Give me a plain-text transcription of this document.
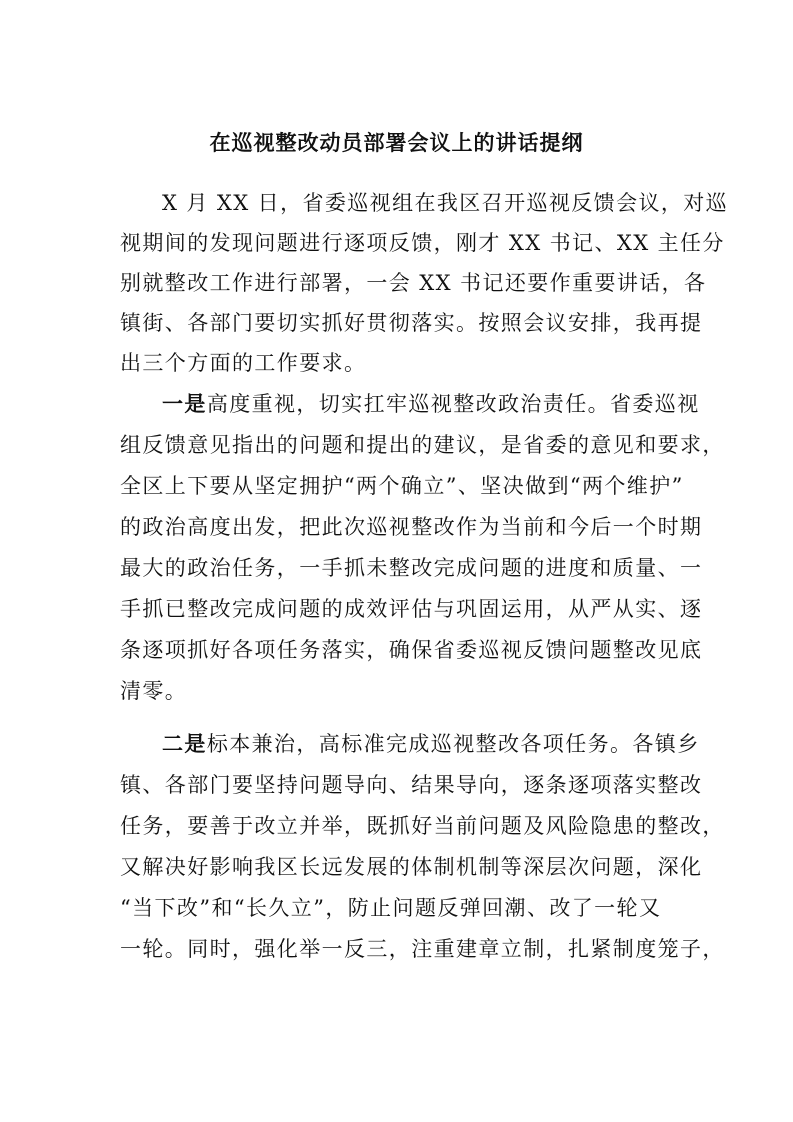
在巡视整改动员部署会议上的讲话提纲
X 月 XX 日，省委巡视组在我区召开巡视反馈会议，对巡
视期间的发现问题进行逐项反馈，刚才 XX 书记、XX 主任分
别就整改工作进行部署，一会 XX 书记还要作重要讲话，各
镇街、各部门要切实抓好贯彻落实。按照会议安排，我再提
出三个方面的工作要求。
一是高度重视，切实扛牢巡视整改政治责任。省委巡视
组反馈意见指出的问题和提出的建议，是省委的意见和要求，
全区上下要从坚定拥护“两个确立”、坚决做到“两个维护”
的政治高度出发，把此次巡视整改作为当前和今后一个时期
最大的政治任务，一手抓未整改完成问题的进度和质量、一
手抓已整改完成问题的成效评估与巩固运用，从严从实、逐
条逐项抓好各项任务落实，确保省委巡视反馈问题整改见底
清零。
二是标本兼治，高标准完成巡视整改各项任务。各镇乡
镇、各部门要坚持问题导向、结果导向，逐条逐项落实整改
任务，要善于改立并举，既抓好当前问题及风险隐患的整改，
又解决好影响我区长远发展的体制机制等深层次问题，深化
“当下改”和“长久立”，防止问题反弹回潮、改了一轮又
一轮。同时，强化举一反三，注重建章立制，扎紧制度笼子，
